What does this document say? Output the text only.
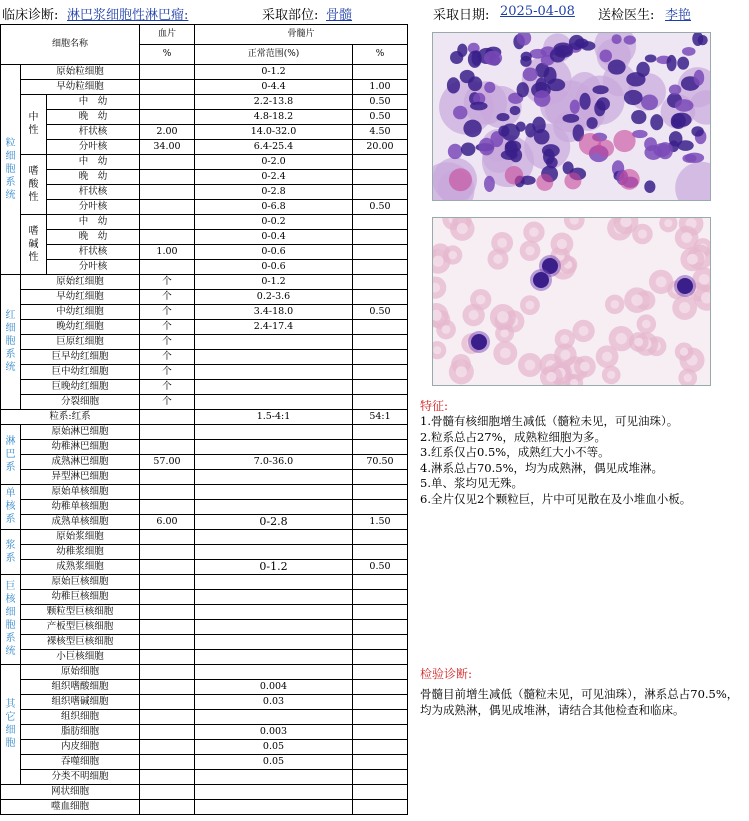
临床诊断: 淋巴浆细胞性淋巴瘤:	采取部位: 骨髓	采取日期: 2025-04-08 送检医生: 李艳
细胞名称			血片	骨髓片	
			%	正常范围(%)	%
粒细胞系统	原始粒细胞			0-1.2	
	早幼粒细胞			0-4.4	1.00
	中性	中　幼		2.2-13.8	0.50
		晚　幼		4.8-18.2	0.50
		杆状核	2.00	14.0-32.0	4.50
		分叶核	34.00	6.4-25.4	20.00
	嗜酸性	中　幼		0-2.0	
		晚　幼		0-2.4	
		杆状核		0-2.8	
		分叶核		0-6.8	0.50
	嗜碱性	中　幼		0-0.2	
		晚　幼		0-0.4	
		杆状核	1.00	0-0.6	
		分叶核		0-0.6	
红细胞系统	原始红细胞		个	0-1.2	
	早幼红细胞		个	0.2-3.6	
	中幼红细胞		个	3.4-18.0	0.50
	晚幼红细胞		个	2.4-17.4	
	巨原红细胞		个		
	巨早幼红细胞		个		
	巨中幼红细胞		个		
	巨晚幼红细胞		个		
	分裂细胞		个		
粒系:红系				1.5-4:1	54:1
淋巴系	原始淋巴细胞				
	幼稚淋巴细胞				
	成熟淋巴细胞		57.00	7.0-36.0	70.50
	异型淋巴细胞				
单核系	原始单核细胞				
	幼稚单核细胞				
	成熟单核细胞		6.00	0-2.8	1.50
浆系	原始浆细胞				
	幼稚浆细胞				
	成熟浆细胞			0-1.2	0.50
巨核细胞系统	原始巨核细胞				
	幼稚巨核细胞				
	颗粒型巨核细胞				
	产板型巨核细胞				
	裸核型巨核细胞				
	小巨核细胞				
其它细胞	原始细胞				
	组织嗜酸细胞			0.004	
	组织嗜碱细胞			0.03	
	组织细胞				
	脂肪细胞			0.003	
	内皮细胞			0.05	
	吞噬细胞			0.05	
	分类不明细胞				
网状细胞					
噬血细胞					
特征:
1.骨髓有核细胞增生减低（髓粒未见，可见油珠）。
2.粒系总占27%，成熟粒细胞为多。
3.红系仅占0.5%，成熟红大小不等。
4.淋系总占70.5%，均为成熟淋，偶见成堆淋。
5.单、浆均见无殊。
6.全片仅见2个颗粒巨，片中可见散在及小堆血小板。
检验诊断:
骨髓目前增生减低（髓粒未见，可见油珠），淋系总占70.5%，均为成熟淋，偶见成堆淋，请结合其他检查和临床。
